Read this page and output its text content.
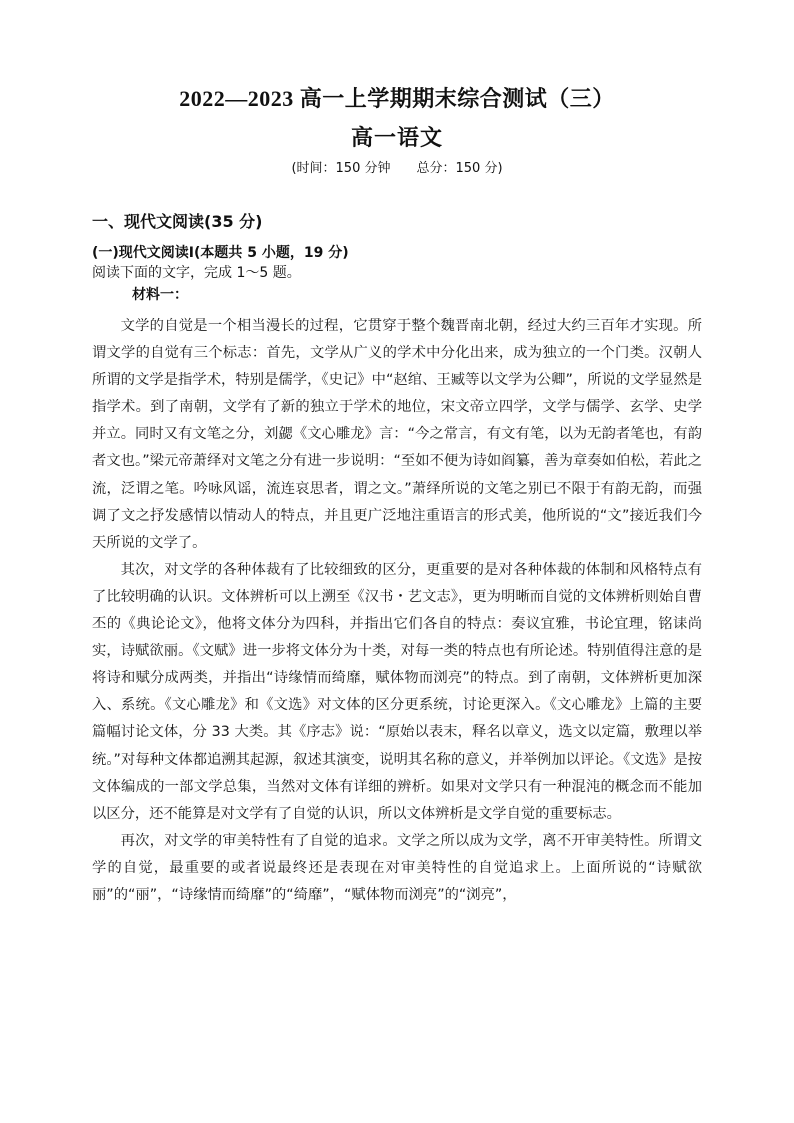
2022—2023 高一上学期期末综合测试（三）
高一语文
(时间：150 分钟 总分：150 分)
一、现代文阅读(35 分)
(一)现代文阅读Ⅰ(本题共 5 小题，19 分)
阅读下面的文字，完成 1～5 题。
材料一：

文学的自觉是一个相当漫长的过程，它贯穿于整个魏晋南北朝，经过大约三百年才实现。所谓文学的自觉有三个标志：首先，文学从广义的学术中分化出来，成为独立的一个门类。汉朝人所谓的文学是指学术，特别是儒学，《史记》中“赵绾、王臧等以文学为公卿”，所说的文学显然是指学术。到了南朝，文学有了新的独立于学术的地位，宋文帝立四学，文学与儒学、玄学、史学并立。同时又有文笔之分，刘勰《文心雕龙》言：“今之常言，有文有笔，以为无韵者笔也，有韵者文也。”梁元帝萧绎对文笔之分有进一步说明：“至如不便为诗如阎纂，善为章奏如伯松，若此之流，泛谓之笔。吟咏风谣，流连哀思者，谓之文。”萧绎所说的文笔之别已不限于有韵无韵，而强调了文之抒发感情以情动人的特点，并且更广泛地注重语言的形式美，他所说的“文”接近我们今天所说的文学了。

其次，对文学的各种体裁有了比较细致的区分，更重要的是对各种体裁的体制和风格特点有了比较明确的认识。文体辨析可以上溯至《汉书・艺文志》，更为明晰而自觉的文体辨析则始自曹丕的《典论论文》，他将文体分为四科，并指出它们各自的特点：奏议宜雅，书论宜理，铭诔尚实，诗赋欲丽。《文赋》进一步将文体分为十类，对每一类的特点也有所论述。特别值得注意的是将诗和赋分成两类，并指出“诗缘情而绮靡，赋体物而浏亮”的特点。到了南朝，文体辨析更加深入、系统。《文心雕龙》和《文选》对文体的区分更系统，讨论更深入。《文心雕龙》上篇的主要篇幅讨论文体，分 33 大类。其《序志》说：“原始以表末，释名以章义，选文以定篇，敷理以举统。”对每种文体都追溯其起源，叙述其演变，说明其名称的意义，并举例加以评论。《文选》是按文体编成的一部文学总集，当然对文体有详细的辨析。如果对文学只有一种混沌的概念而不能加以区分，还不能算是对文学有了自觉的认识，所以文体辨析是文学自觉的重要标志。

再次，对文学的审美特性有了自觉的追求。文学之所以成为文学，离不开审美特性。所谓文学的自觉，最重要的或者说最终还是表现在对审美特性的自觉追求上。上面所说的“诗赋欲丽”的“丽”，“诗缘情而绮靡”的“绮靡”，“赋体物而浏亮”的“浏亮”，
